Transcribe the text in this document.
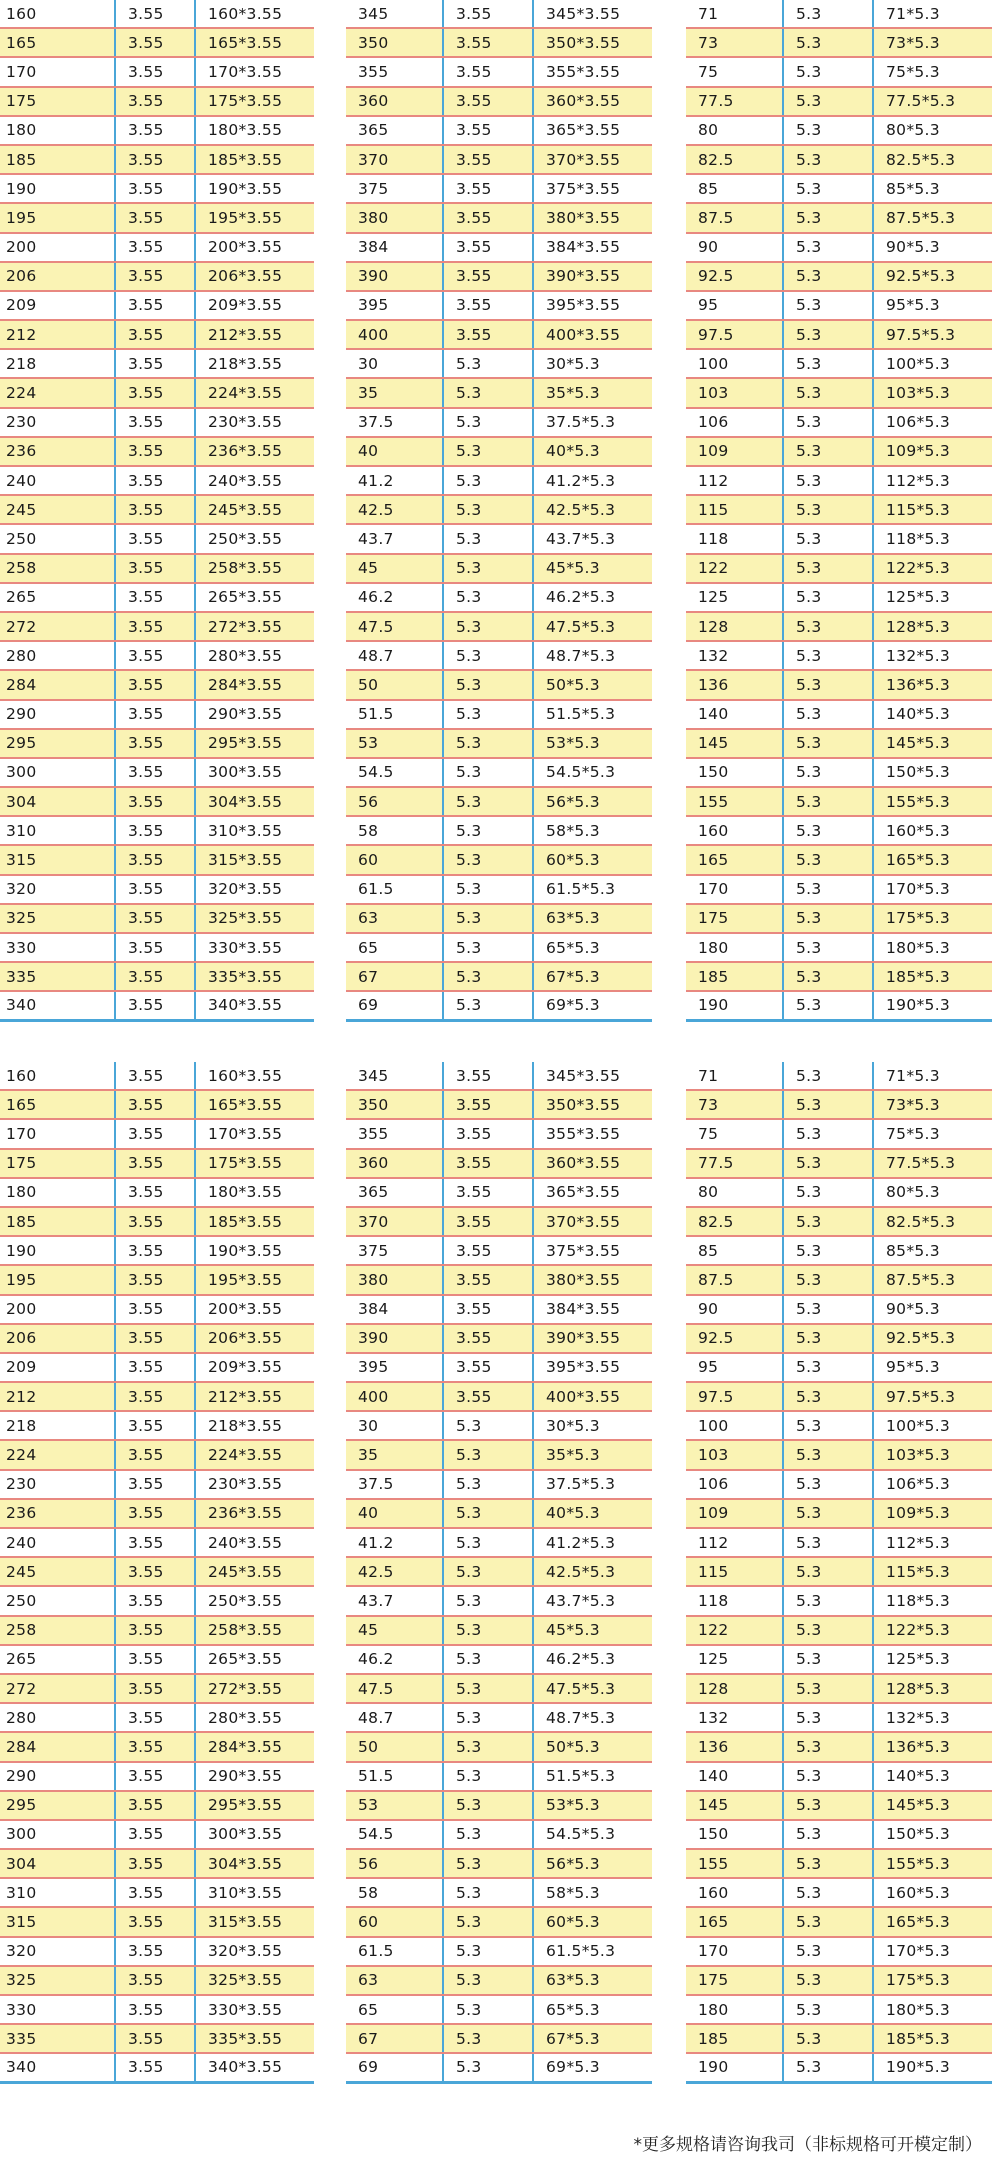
160	3.55	160*3.55
165	3.55	165*3.55
170	3.55	170*3.55
175	3.55	175*3.55
180	3.55	180*3.55
185	3.55	185*3.55
190	3.55	190*3.55
195	3.55	195*3.55
200	3.55	200*3.55
206	3.55	206*3.55
209	3.55	209*3.55
212	3.55	212*3.55
218	3.55	218*3.55
224	3.55	224*3.55
230	3.55	230*3.55
236	3.55	236*3.55
240	3.55	240*3.55
245	3.55	245*3.55
250	3.55	250*3.55
258	3.55	258*3.55
265	3.55	265*3.55
272	3.55	272*3.55
280	3.55	280*3.55
284	3.55	284*3.55
290	3.55	290*3.55
295	3.55	295*3.55
300	3.55	300*3.55
304	3.55	304*3.55
310	3.55	310*3.55
315	3.55	315*3.55
320	3.55	320*3.55
325	3.55	325*3.55
330	3.55	330*3.55
335	3.55	335*3.55
340	3.55	340*3.55
345	3.55	345*3.55
350	3.55	350*3.55
355	3.55	355*3.55
360	3.55	360*3.55
365	3.55	365*3.55
370	3.55	370*3.55
375	3.55	375*3.55
380	3.55	380*3.55
384	3.55	384*3.55
390	3.55	390*3.55
395	3.55	395*3.55
400	3.55	400*3.55
30	5.3	30*5.3
35	5.3	35*5.3
37.5	5.3	37.5*5.3
40	5.3	40*5.3
41.2	5.3	41.2*5.3
42.5	5.3	42.5*5.3
43.7	5.3	43.7*5.3
45	5.3	45*5.3
46.2	5.3	46.2*5.3
47.5	5.3	47.5*5.3
48.7	5.3	48.7*5.3
50	5.3	50*5.3
51.5	5.3	51.5*5.3
53	5.3	53*5.3
54.5	5.3	54.5*5.3
56	5.3	56*5.3
58	5.3	58*5.3
60	5.3	60*5.3
61.5	5.3	61.5*5.3
63	5.3	63*5.3
65	5.3	65*5.3
67	5.3	67*5.3
69	5.3	69*5.3
71	5.3	71*5.3
73	5.3	73*5.3
75	5.3	75*5.3
77.5	5.3	77.5*5.3
80	5.3	80*5.3
82.5	5.3	82.5*5.3
85	5.3	85*5.3
87.5	5.3	87.5*5.3
90	5.3	90*5.3
92.5	5.3	92.5*5.3
95	5.3	95*5.3
97.5	5.3	97.5*5.3
100	5.3	100*5.3
103	5.3	103*5.3
106	5.3	106*5.3
109	5.3	109*5.3
112	5.3	112*5.3
115	5.3	115*5.3
118	5.3	118*5.3
122	5.3	122*5.3
125	5.3	125*5.3
128	5.3	128*5.3
132	5.3	132*5.3
136	5.3	136*5.3
140	5.3	140*5.3
145	5.3	145*5.3
150	5.3	150*5.3
155	5.3	155*5.3
160	5.3	160*5.3
165	5.3	165*5.3
170	5.3	170*5.3
175	5.3	175*5.3
180	5.3	180*5.3
185	5.3	185*5.3
190	5.3	190*5.3
160	3.55	160*3.55
165	3.55	165*3.55
170	3.55	170*3.55
175	3.55	175*3.55
180	3.55	180*3.55
185	3.55	185*3.55
190	3.55	190*3.55
195	3.55	195*3.55
200	3.55	200*3.55
206	3.55	206*3.55
209	3.55	209*3.55
212	3.55	212*3.55
218	3.55	218*3.55
224	3.55	224*3.55
230	3.55	230*3.55
236	3.55	236*3.55
240	3.55	240*3.55
245	3.55	245*3.55
250	3.55	250*3.55
258	3.55	258*3.55
265	3.55	265*3.55
272	3.55	272*3.55
280	3.55	280*3.55
284	3.55	284*3.55
290	3.55	290*3.55
295	3.55	295*3.55
300	3.55	300*3.55
304	3.55	304*3.55
310	3.55	310*3.55
315	3.55	315*3.55
320	3.55	320*3.55
325	3.55	325*3.55
330	3.55	330*3.55
335	3.55	335*3.55
340	3.55	340*3.55
345	3.55	345*3.55
350	3.55	350*3.55
355	3.55	355*3.55
360	3.55	360*3.55
365	3.55	365*3.55
370	3.55	370*3.55
375	3.55	375*3.55
380	3.55	380*3.55
384	3.55	384*3.55
390	3.55	390*3.55
395	3.55	395*3.55
400	3.55	400*3.55
30	5.3	30*5.3
35	5.3	35*5.3
37.5	5.3	37.5*5.3
40	5.3	40*5.3
41.2	5.3	41.2*5.3
42.5	5.3	42.5*5.3
43.7	5.3	43.7*5.3
45	5.3	45*5.3
46.2	5.3	46.2*5.3
47.5	5.3	47.5*5.3
48.7	5.3	48.7*5.3
50	5.3	50*5.3
51.5	5.3	51.5*5.3
53	5.3	53*5.3
54.5	5.3	54.5*5.3
56	5.3	56*5.3
58	5.3	58*5.3
60	5.3	60*5.3
61.5	5.3	61.5*5.3
63	5.3	63*5.3
65	5.3	65*5.3
67	5.3	67*5.3
69	5.3	69*5.3
71	5.3	71*5.3
73	5.3	73*5.3
75	5.3	75*5.3
77.5	5.3	77.5*5.3
80	5.3	80*5.3
82.5	5.3	82.5*5.3
85	5.3	85*5.3
87.5	5.3	87.5*5.3
90	5.3	90*5.3
92.5	5.3	92.5*5.3
95	5.3	95*5.3
97.5	5.3	97.5*5.3
100	5.3	100*5.3
103	5.3	103*5.3
106	5.3	106*5.3
109	5.3	109*5.3
112	5.3	112*5.3
115	5.3	115*5.3
118	5.3	118*5.3
122	5.3	122*5.3
125	5.3	125*5.3
128	5.3	128*5.3
132	5.3	132*5.3
136	5.3	136*5.3
140	5.3	140*5.3
145	5.3	145*5.3
150	5.3	150*5.3
155	5.3	155*5.3
160	5.3	160*5.3
165	5.3	165*5.3
170	5.3	170*5.3
175	5.3	175*5.3
180	5.3	180*5.3
185	5.3	185*5.3
190	5.3	190*5.3
*更多规格请咨询我司（非标规格可开模定制）
